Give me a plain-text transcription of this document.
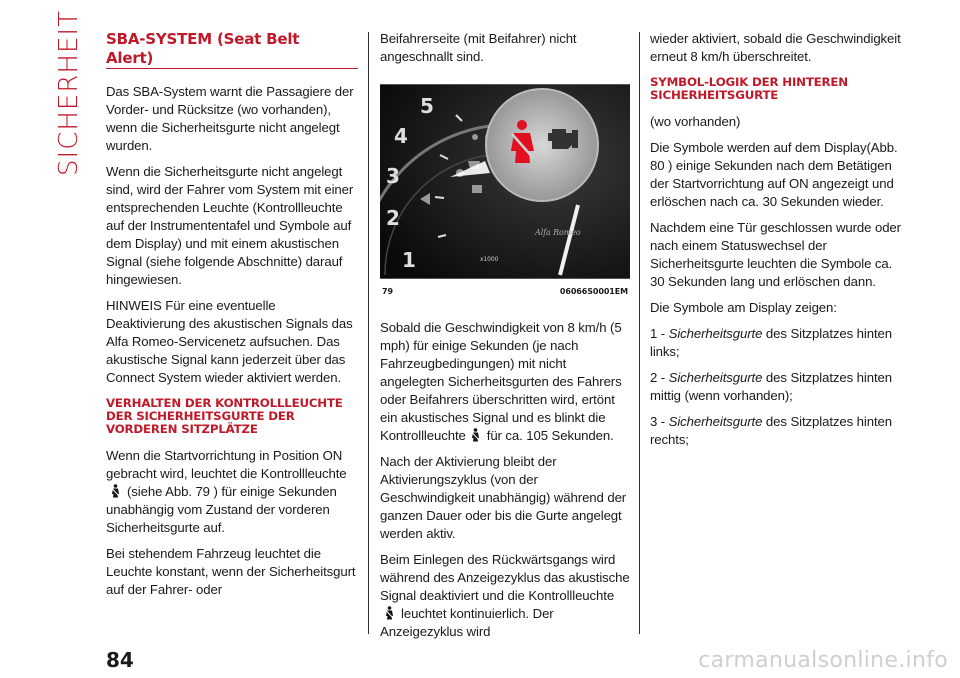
SICHERHEIT SBA-SYSTEM (Seat Belt Alert)

Das SBA-System warnt die Passagiere der Vorder- und Rücksitze (wo vorhanden), wenn die Sicherheitsgurte nicht angelegt wurden.

Wenn die Sicherheitsgurte nicht angelegt sind, wird der Fahrer vom System mit einer entsprechenden Leuchte (Kontrollleuchte auf der Instrumententafel und Symbole auf dem Display) und mit einem akustischen Signal (siehe folgende Abschnitte) darauf hingewiesen.

HINWEIS Für eine eventuelle Deaktivierung des akustischen Signals das Alfa Romeo-Servicenetz aufsuchen. Das akustische Signal kann jederzeit über das Connect System wieder aktiviert werden.

VERHALTEN DER KONTROLLLEUCHTE DER SICHERHEITSGURTE DER VORDEREN SITZPLÄTZE

Wenn die Startvorrichtung in Position ON gebracht wird, leuchtet die Kontrollleuchte(siehe Abb. 79 ) für einige Sekunden unabhängig vom Zustand der vorderen Sicherheitsgurte auf.

Bei stehendem Fahrzeug leuchtet die Leuchte konstant, wenn der Sicherheitsgurt auf der Fahrer- oder

Beifahrerseite (mit Beifahrer) nicht angeschnallt sind.

5
4
3
2
1
Alfa Romeo
x1000
79	06066S0001EM

Sobald die Geschwindigkeit von 8 km/h (5 mph) für einige Sekunden (je nach Fahrzeugbedingungen) mit nicht angelegten Sicherheitsgurten des Fahrers oder Beifahrers überschritten wird, ertönt ein akustisches Signal und es blinkt die Kontrollleuchte für ca. 105 Sekunden.

Nach der Aktivierung bleibt der Aktivierungszyklus (von der Geschwindigkeit unabhängig) während der ganzen Dauer oder bis die Gurte angelegt werden aktiv.

Beim Einlegen des Rückwärtsgangs wird während des Anzeigezyklus das akustische Signal deaktiviert und die Kontrollleuchteleuchtet kontinuierlich. Der Anzeigezyklus wird

wieder aktiviert, sobald die Geschwindigkeit erneut 8 km/h überschreitet.

SYMBOL-LOGIK DER HINTEREN SICHERHEITSGURTE

(wo vorhanden)

Die Symbole werden auf dem Display(Abb. 80 ) einige Sekunden nach dem Betätigen der Startvorrichtung auf ON angezeigt und erlöschen nach ca. 30 Sekunden wieder.

Nachdem eine Tür geschlossen wurde oder nach einem Statuswechsel der Sicherheitsgurte leuchten die Symbole ca. 30 Sekunden lang und erlöschen dann.

Die Symbole am Display zeigen:

1 - Sicherheitsgurte des Sitzplatzes hinten links;

2 - Sicherheitsgurte des Sitzplatzes hinten mittig (wenn vorhanden);

3 - Sicherheitsgurte des Sitzplatzes hinten rechts;

84	carmanualsonline.info
